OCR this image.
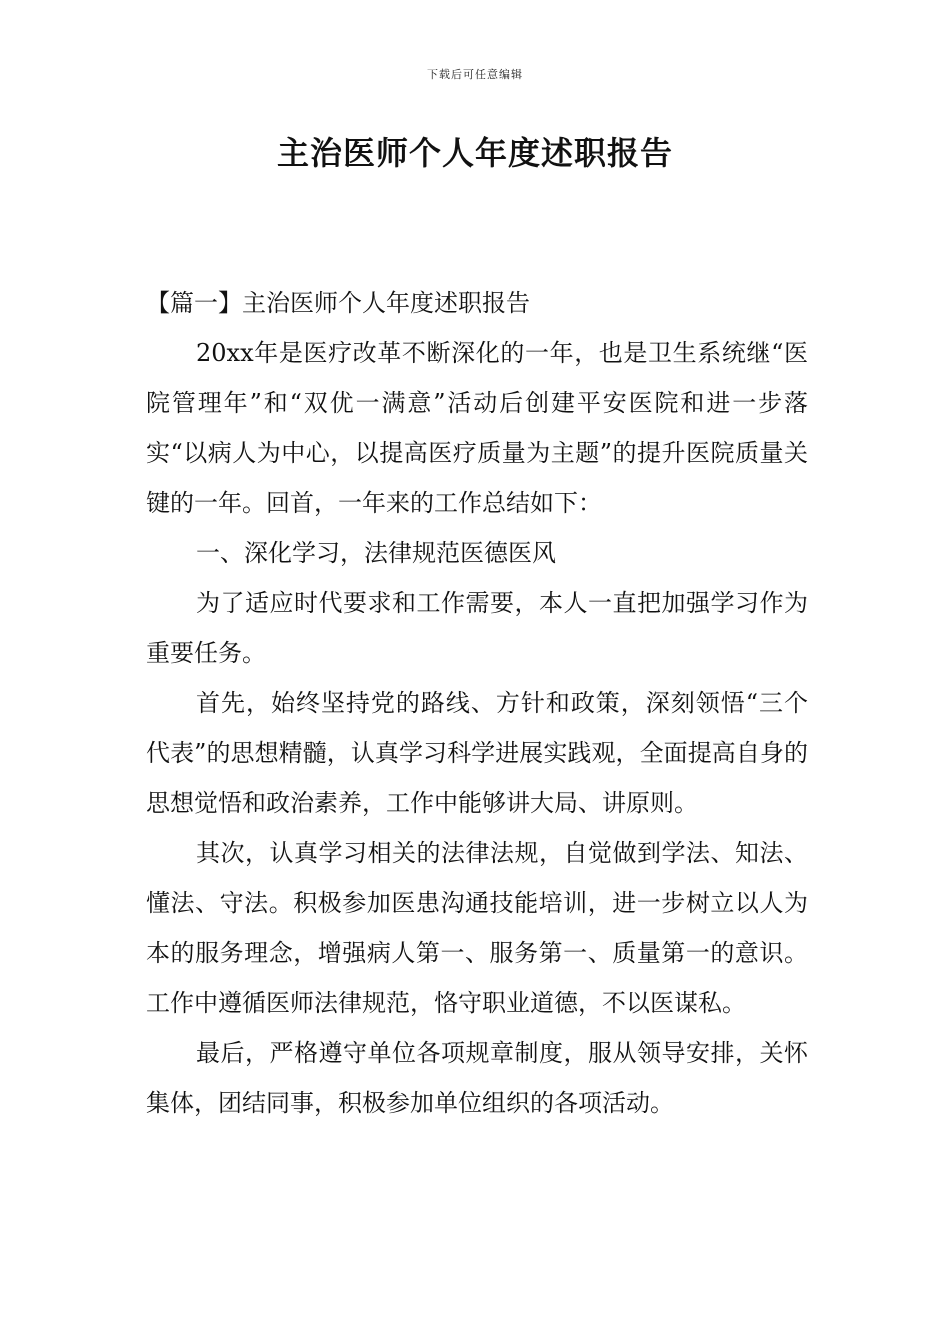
下载后可任意编辑
主治医师个人年度述职报告

【篇一】主治医师个人年度述职报告

20xx年是医疗改革不断深化的一年，也是卫生系统继“医院管理年”和“双优一满意”活动后创建平安医院和进一步落实“以病人为中心，以提高医疗质量为主题”的提升医院质量关键的一年。回首，一年来的工作总结如下：

一、深化学习，法律规范医德医风

为了适应时代要求和工作需要，本人一直把加强学习作为重要任务。

首先，始终坚持党的路线、方针和政策，深刻领悟“三个代表”的思想精髓，认真学习科学进展实践观，全面提高自身的思想觉悟和政治素养，工作中能够讲大局、讲原则。

其次，认真学习相关的法律法规，自觉做到学法、知法、懂法、守法。积极参加医患沟通技能培训，进一步树立以人为本的服务理念，增强病人第一、服务第一、质量第一的意识。工作中遵循医师法律规范，恪守职业道德，不以医谋私。

最后，严格遵守单位各项规章制度，服从领导安排，关怀集体，团结同事，积极参加单位组织的各项活动。
